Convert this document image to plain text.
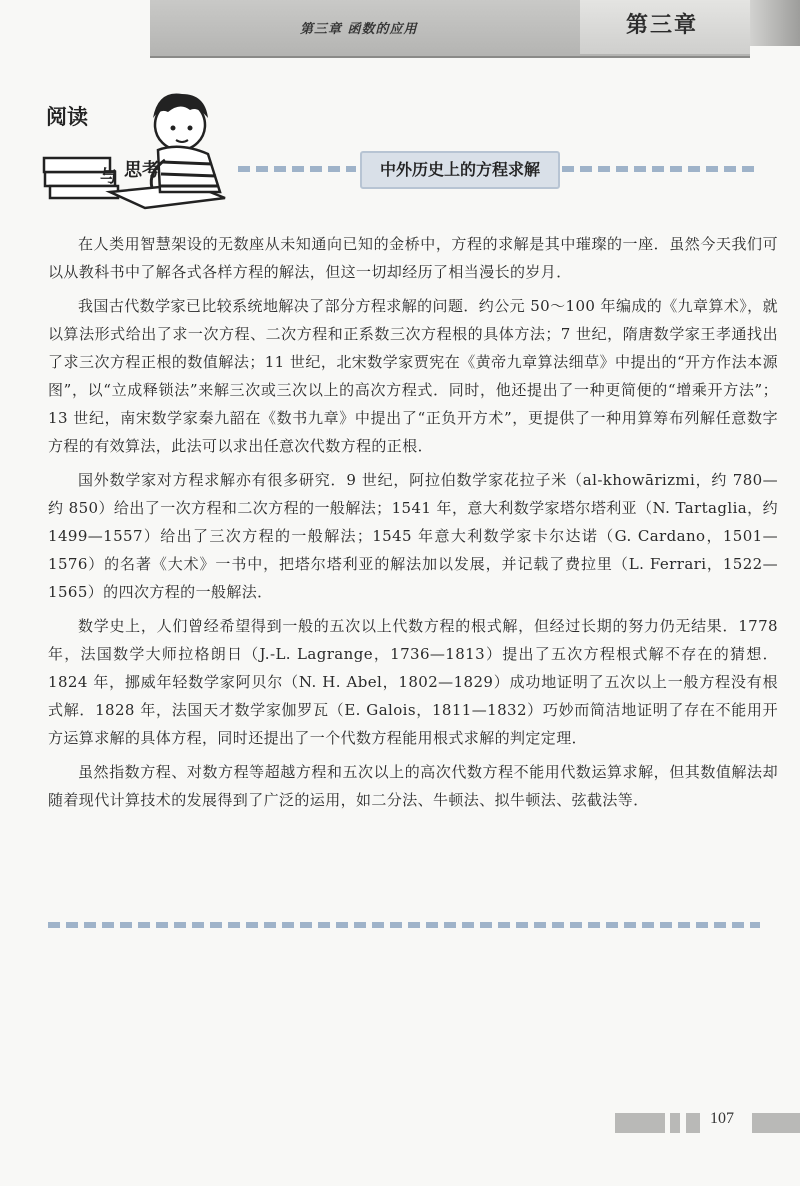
第三章 函数的应用	第三章
阅读
与 思考	中外历史上的方程求解

在人类用智慧架设的无数座从未知通向已知的金桥中，方程的求解是其中璀璨的一座．虽然今天我们可以从教科书中了解各式各样方程的解法，但这一切却经历了相当漫长的岁月．

我国古代数学家已比较系统地解决了部分方程求解的问题．约公元 50～100 年编成的《九章算术》，就以算法形式给出了求一次方程、二次方程和正系数三次方程根的具体方法；7 世纪，隋唐数学家王孝通找出了求三次方程正根的数值解法；11 世纪，北宋数学家贾宪在《黄帝九章算法细草》中提出的“开方作法本源图”，以“立成释锁法”来解三次或三次以上的高次方程式．同时，他还提出了一种更简便的“增乘开方法”；13 世纪，南宋数学家秦九韶在《数书九章》中提出了“正负开方术”，更提供了一种用算筹布列解任意数字方程的有效算法，此法可以求出任意次代数方程的正根．

国外数学家对方程求解亦有很多研究．9 世纪，阿拉伯数学家花拉子米（al-khowārizmi，约 780—约 850）给出了一次方程和二次方程的一般解法；1541 年，意大利数学家塔尔塔利亚（N. Tartaglia，约 1499—1557）给出了三次方程的一般解法；1545 年意大利数学家卡尔达诺（G. Cardano，1501—1576）的名著《大术》一书中，把塔尔塔利亚的解法加以发展，并记载了费拉里（L. Ferrari，1522—1565）的四次方程的一般解法．

数学史上，人们曾经希望得到一般的五次以上代数方程的根式解，但经过长期的努力仍无结果．1778 年，法国数学大师拉格朗日（J.-L. Lagrange，1736—1813）提出了五次方程根式解不存在的猜想．1824 年，挪威年轻数学家阿贝尔（N. H. Abel，1802—1829）成功地证明了五次以上一般方程没有根式解．1828 年，法国天才数学家伽罗瓦（E. Galois，1811—1832）巧妙而简洁地证明了存在不能用开方运算求解的具体方程，同时还提出了一个代数方程能用根式求解的判定定理．

虽然指数方程、对数方程等超越方程和五次以上的高次代数方程不能用代数运算求解，但其数值解法却随着现代计算技术的发展得到了广泛的运用，如二分法、牛顿法、拟牛顿法、弦截法等．

107
